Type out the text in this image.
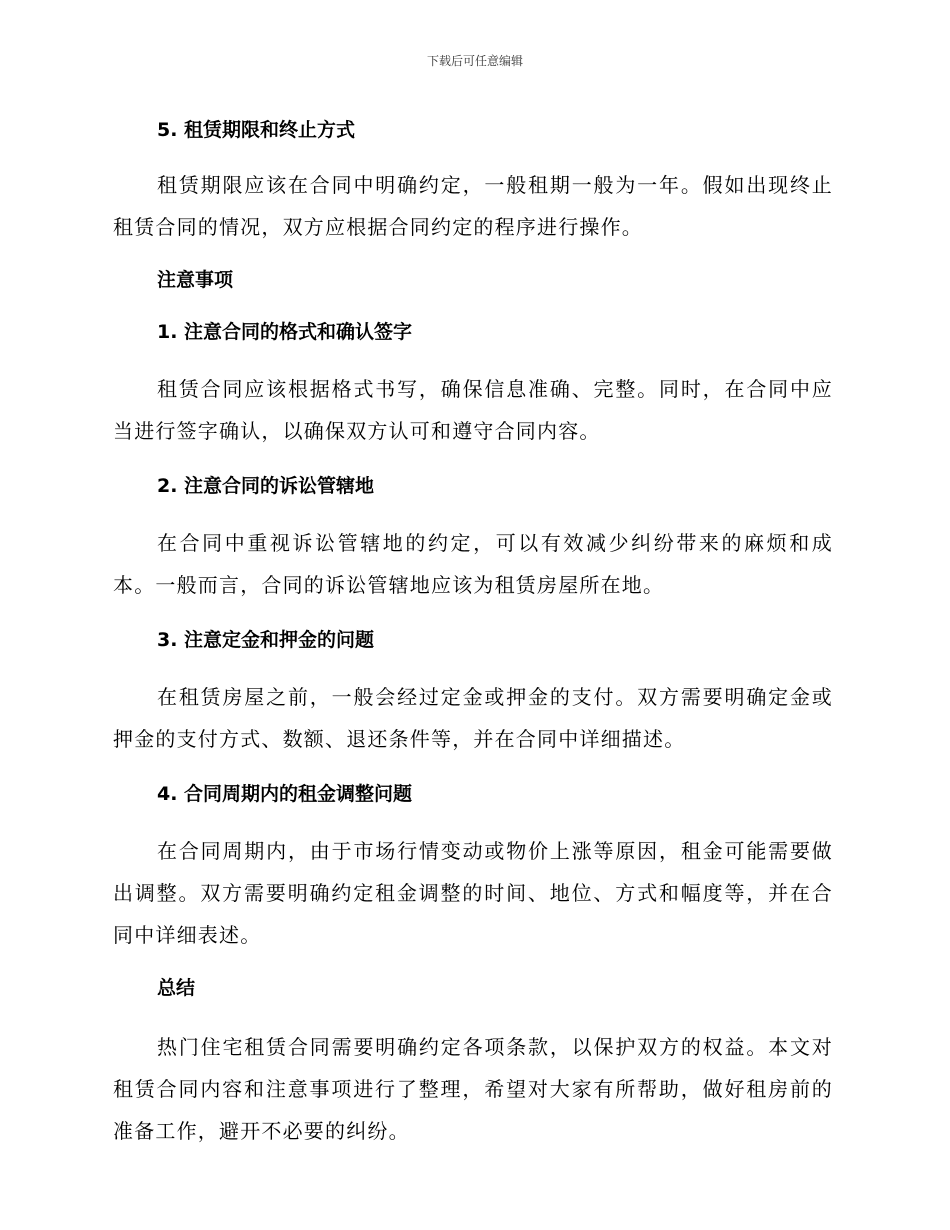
下载后可任意编辑
5. 租赁期限和终止方式

租赁期限应该在合同中明确约定，一般租期一般为一年。假如出现终止租赁合同的情况，双方应根据合同约定的程序进行操作。

注意事项
1. 注意合同的格式和确认签字

租赁合同应该根据格式书写，确保信息准确、完整。同时，在合同中应当进行签字确认，以确保双方认可和遵守合同内容。

2. 注意合同的诉讼管辖地

在合同中重视诉讼管辖地的约定，可以有效减少纠纷带来的麻烦和成本。一般而言，合同的诉讼管辖地应该为租赁房屋所在地。

3. 注意定金和押金的问题

在租赁房屋之前，一般会经过定金或押金的支付。双方需要明确定金或押金的支付方式、数额、退还条件等，并在合同中详细描述。

4. 合同周期内的租金调整问题

在合同周期内，由于市场行情变动或物价上涨等原因，租金可能需要做出调整。双方需要明确约定租金调整的时间、地位、方式和幅度等，并在合同中详细表述。

总结

热门住宅租赁合同需要明确约定各项条款，以保护双方的权益。本文对租赁合同内容和注意事项进行了整理，希望对大家有所帮助，做好租房前的准备工作，避开不必要的纠纷。
